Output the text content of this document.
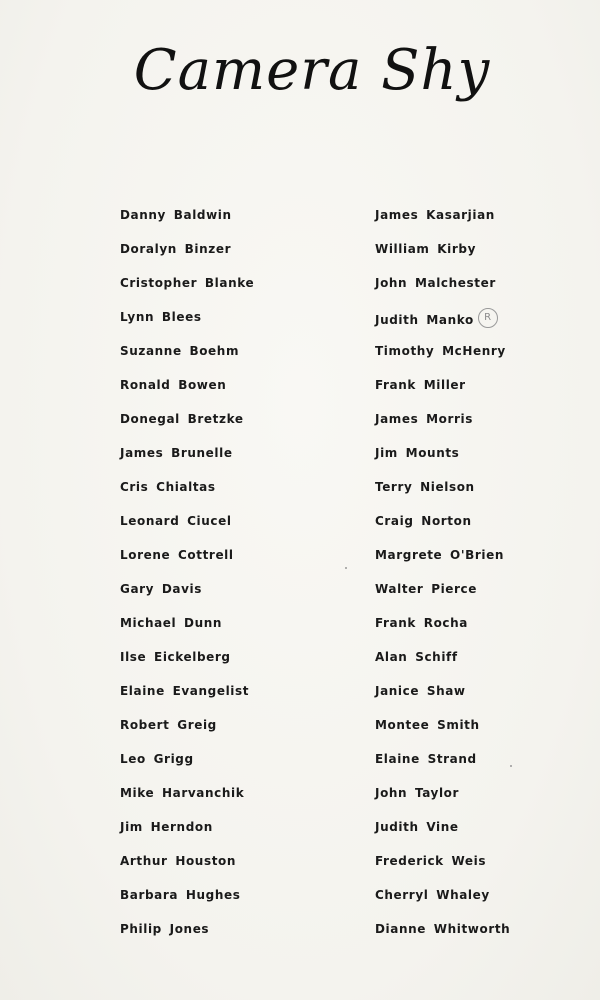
Camera Shy
Danny Baldwin
Doralyn Binzer
Cristopher Blanke
Lynn Blees
Suzanne Boehm
Ronald Bowen
Donegal Bretzke
James Brunelle
Cris Chialtas
Leonard Ciucel
Lorene Cottrell
Gary Davis
Michael Dunn
Ilse Eickelberg
Elaine Evangelist
Robert Greig
Leo Grigg
Mike Harvanchik
Jim Herndon
Arthur Houston
Barbara Hughes
Philip Jones
James Kasarjian
William Kirby
John Malchester
Judith MankoR
Timothy McHenry
Frank Miller
James Morris
Jim Mounts
Terry Nielson
Craig Norton
Margrete O'Brien
Walter Pierce
Frank Rocha
Alan Schiff
Janice Shaw
Montee Smith
Elaine Strand
John Taylor
Judith Vine
Frederick Weis
Cherryl Whaley
Dianne Whitworth
